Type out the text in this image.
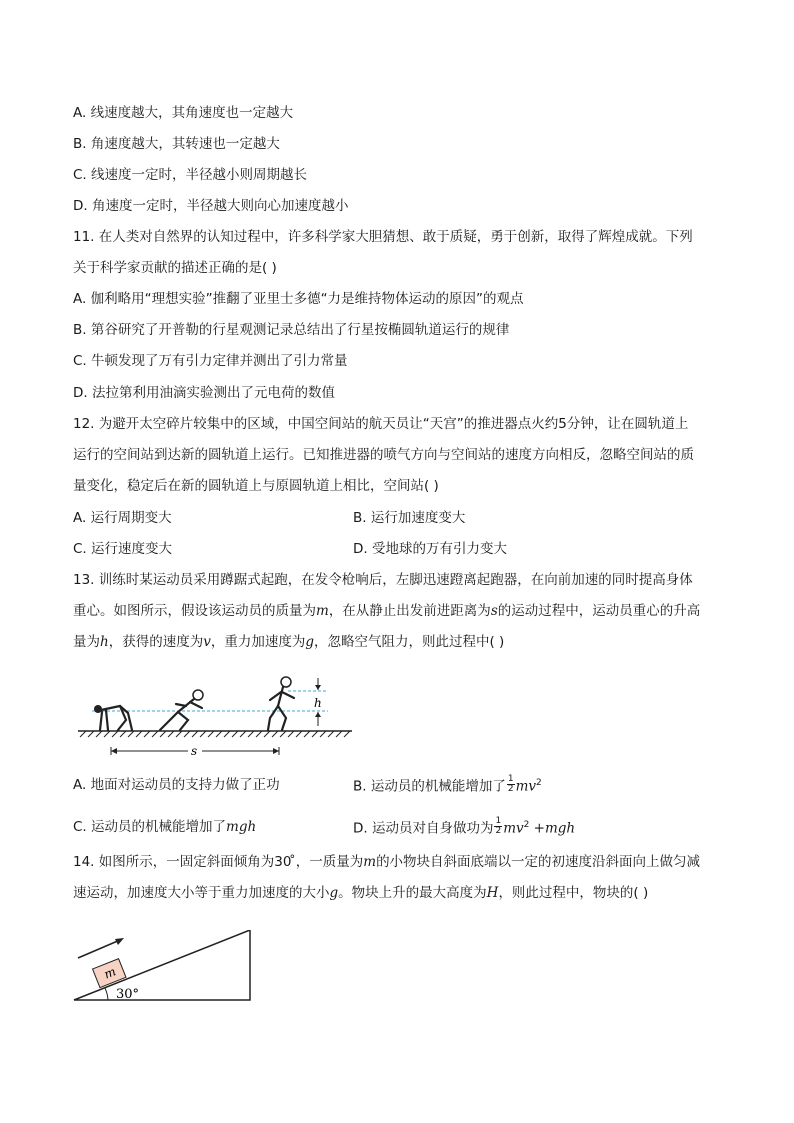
A. 线速度越大，其角速度也一定越大
B. 角速度越大，其转速也一定越大
C. 线速度一定时，半径越小则周期越长
D. 角速度一定时，半径越大则向心加速度越小
11. 在人类对自然界的认知过程中，许多科学家大胆猜想、敢于质疑，勇于创新，取得了辉煌成就。下列
关于科学家贡献的描述正确的是( )
A. 伽利略用“理想实验”推翻了亚里士多德“力是维持物体运动的原因”的观点
B. 第谷研究了开普勒的行星观测记录总结出了行星按椭圆轨道运行的规律
C. 牛顿发现了万有引力定律并测出了引力常量
D. 法拉第利用油滴实验测出了元电荷的数值
12. 为避开太空碎片较集中的区域，中国空间站的航天员让“天宫”的推进器点火约5分钟，让在圆轨道上
运行的空间站到达新的圆轨道上运行。已知推进器的喷气方向与空间站的速度方向相反，忽略空间站的质
量变化，稳定后在新的圆轨道上与原圆轨道上相比，空间站( )
A. 运行周期变大	B. 运行加速度变大
C. 运行速度变大	D. 受地球的万有引力变大
13. 训练时某运动员采用蹲踞式起跑，在发令枪响后，左脚迅速蹬离起跑器，在向前加速的同时提高身体
重心。如图所示，假设该运动员的质量为m，在从静止出发前进距离为s的运动过程中，运动员重心的升高
量为h，获得的速度为v，重力加速度为g，忽略空气阻力，则此过程中( )
h
s
A. 地面对运动员的支持力做了正功	B. 运动员的机械能增加了 $\frac{1}{2} mv^2$
C. 运动员的机械能增加了mgh	D. 运动员对自身做功为 $\frac{1}{2} mv^2 +mgh$
14. 如图所示，一固定斜面倾角为30 ̊，一质量为m的小物块自斜面底端以一定的初速度沿斜面向上做匀减
速运动，加速度大小等于重力加速度的大小g。物块上升的最大高度为H，则此过程中，物块的( )
30°
m
